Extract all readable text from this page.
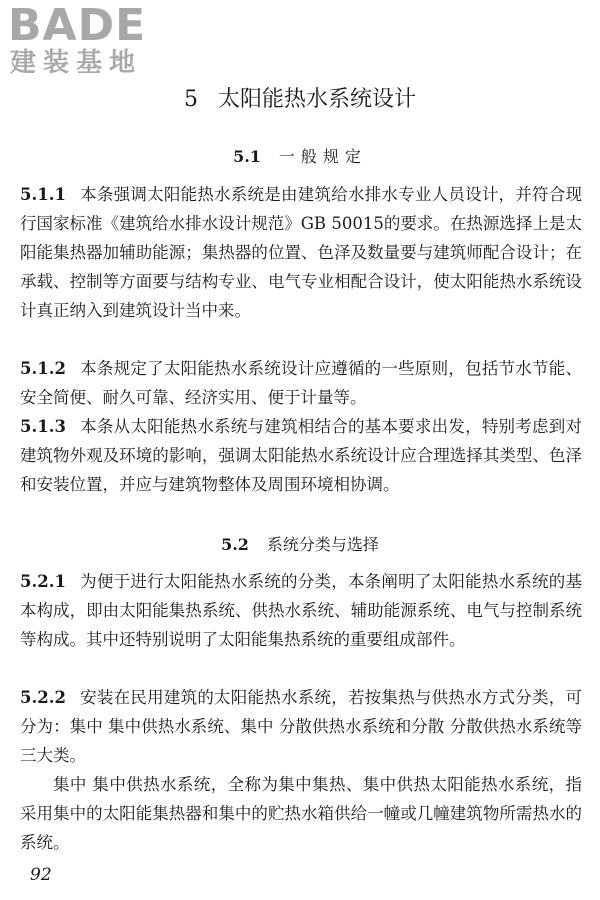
BADE
建装基地
5 太阳能热水系统设计
5.1 一般规定

5.1.1 本条强调太阳能热水系统是由建筑给水排水专业人员设计，并符合现行国家标准《建筑给水排水设计规范》GB 50015的要求。在热源选择上是太阳能集热器加辅助能源；集热器的位置、色泽及数量要与建筑师配合设计；在承载、控制等方面要与结构专业、电气专业相配合设计，使太阳能热水系统设计真正纳入到建筑设计当中来。

5.1.2 本条规定了太阳能热水系统设计应遵循的一些原则，包括节水节能、安全简便、耐久可靠、经济实用、便于计量等。

5.1.3 本条从太阳能热水系统与建筑相结合的基本要求出发，特别考虑到对建筑物外观及环境的影响，强调太阳能热水系统设计应合理选择其类型、色泽和安装位置，并应与建筑物整体及周围环境相协调。

5.2 系统分类与选择

5.2.1 为便于进行太阳能热水系统的分类，本条阐明了太阳能热水系统的基本构成，即由太阳能集热系统、供热水系统、辅助能源系统、电气与控制系统等构成。其中还特别说明了太阳能集热系统的重要组成部件。

5.2.2 安装在民用建筑的太阳能热水系统，若按集热与供热水方式分类，可分为：集中 集中供热水系统、集中 分散供热水系统和分散 分散供热水系统等三大类。

集中 集中供热水系统，全称为集中集热、集中供热太阳能热水系统，指采用集中的太阳能集热器和集中的贮热水箱供给一幢或几幢建筑物所需热水的系统。

92
